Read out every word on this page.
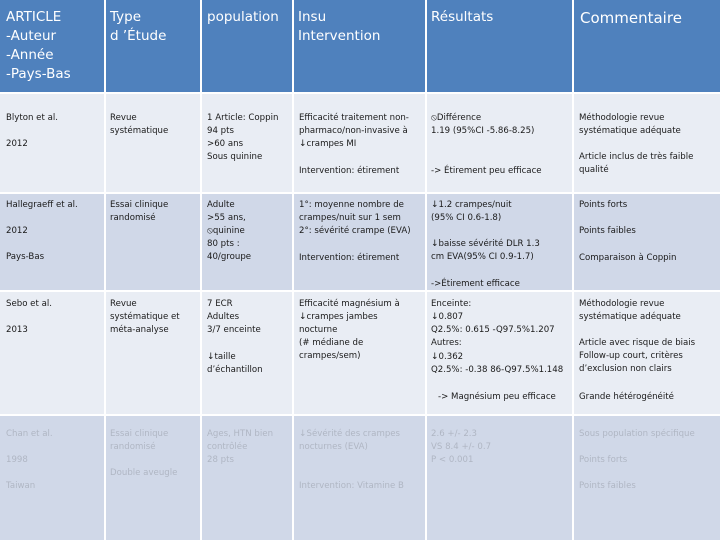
ARTICLE
-Auteur
-Année
-Pays-Bas
Type
d ’Étude
population Insu
Intervention
Résultats	Commentaire
Blyton et al.

2012
Revue
systématique
1 Article: Coppin
94 pts
>60 ans
Sous quinine
Efficacité traitement non-
pharmaco/non-invasive à
↓crampes MI
Intervention: étirement
⦸Différence
1.19 (95%CI -5.86-8.25)
-> Étirement peu efficace
Méthodologie revue
systématique adéquate
Article inclus de très faible
qualité
Hallegraeff et al.

2012

Pays-Bas
Essai clinique
randomisé
Adulte
>55 ans,
⦸quinine
80 pts :
40/groupe
1°: moyenne nombre de
crampes/nuit sur 1 sem
2°: sévérité crampe (EVA)
Intervention: étirement
↓1.2 crampes/nuit
(95% CI 0.6-1.8)
↓baisse sévérité DLR 1.3
cm EVA(95% CI 0.9-1.7)
->Étirement efficace
Points forts
Points faibles
Comparaison à Coppin
Sebo et al.

2013
Revue
systématique et
méta-analyse
7 ECR
Adultes
3/7 enceinte
↓taille
d’échantillon
Efficacité magnésium à
↓crampes jambes
nocturne
(# médiane de
crampes/sem)
Enceinte:
↓0.807
Q2.5%: 0.615 -Q97.5%1.207
Autres:
↓0.362
Q2.5%: -0.38 86-Q97.5%1.148
-> Magnésium peu efficace
Méthodologie revue
systématique adéquate
Article avec risque de biais
Follow-up court, critères
d’exclusion non clairs
Grande hétérogénéité
Chan et al.

1998

Taiwan
Essai clinique
randomisé

Double aveugle
Ages, HTN bien
contrôlée
28 pts
↓Sévérité des crampes
nocturnes (EVA)
Intervention: Vitamine B
2.6 +/- 2.3
VS 8.4 +/- 0.7
P < 0.001
Sous population spécifique
Points forts
Points faibles
